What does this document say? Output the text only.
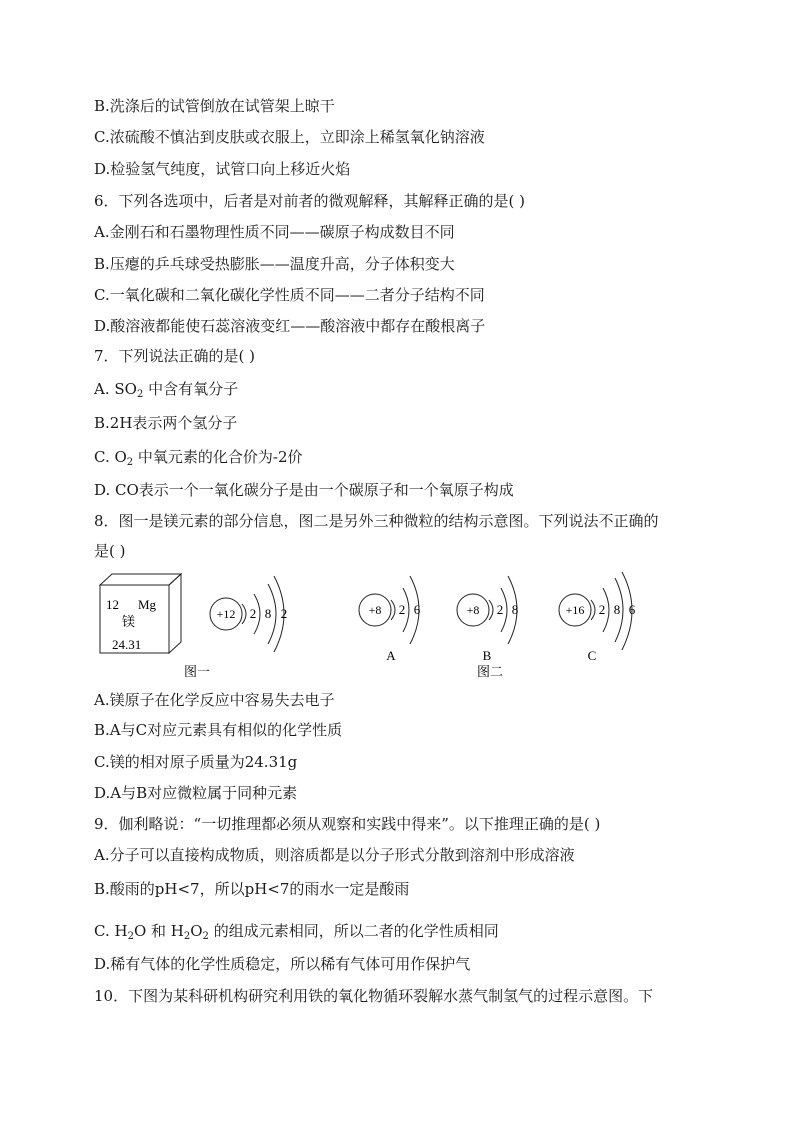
B.洗涤后的试管倒放在试管架上晾干
C.浓硫酸不慎沾到皮肤或衣服上，立即涂上稀氢氧化钠溶液
D.检验氢气纯度，试管口向上移近火焰
6．下列各选项中，后者是对前者的微观解释，其解释正确的是( )
A.金刚石和石墨物理性质不同——碳原子构成数目不同
B.压瘪的乒乓球受热膨胀——温度升高，分子体积变大
C.一氧化碳和二氧化碳化学性质不同——二者分子结构不同
D.酸溶液都能使石蕊溶液变红——酸溶液中都存在酸根离子
7．下列说法正确的是( )
A. $SO_2$ 中含有氧分子
B.2H表示两个氢分子
C. $O_2$ 中氧元素的化合价为-2价
D. CO表示一个一氧化碳分子是由一个碳原子和一个氧原子构成
8．图一是镁元素的部分信息，图二是另外三种微粒的结构示意图。下列说法不正确的
是( )
12 Mg
镁
24.31
+12 2 8 2	+8 2 6
A
+8 2 8
B
+16 2 8 6
C
图一	图二
A.镁原子在化学反应中容易失去电子
B.A与C对应元素具有相似的化学性质
C.镁的相对原子质量为24.31g
D.A与B对应微粒属于同种元素
9．伽利略说：“一切推理都必须从观察和实践中得来”。以下推理正确的是( )
A.分子可以直接构成物质，则溶质都是以分子形式分散到溶剂中形成溶液
B.酸雨的pH<7，所以pH<7的雨水一定是酸雨
C. $H_2O$ 和 $H_2O_2$ 的组成元素相同，所以二者的化学性质相同
D.稀有气体的化学性质稳定，所以稀有气体可用作保护气
10．下图为某科研机构研究利用铁的氧化物循环裂解水蒸气制氢气的过程示意图。下
